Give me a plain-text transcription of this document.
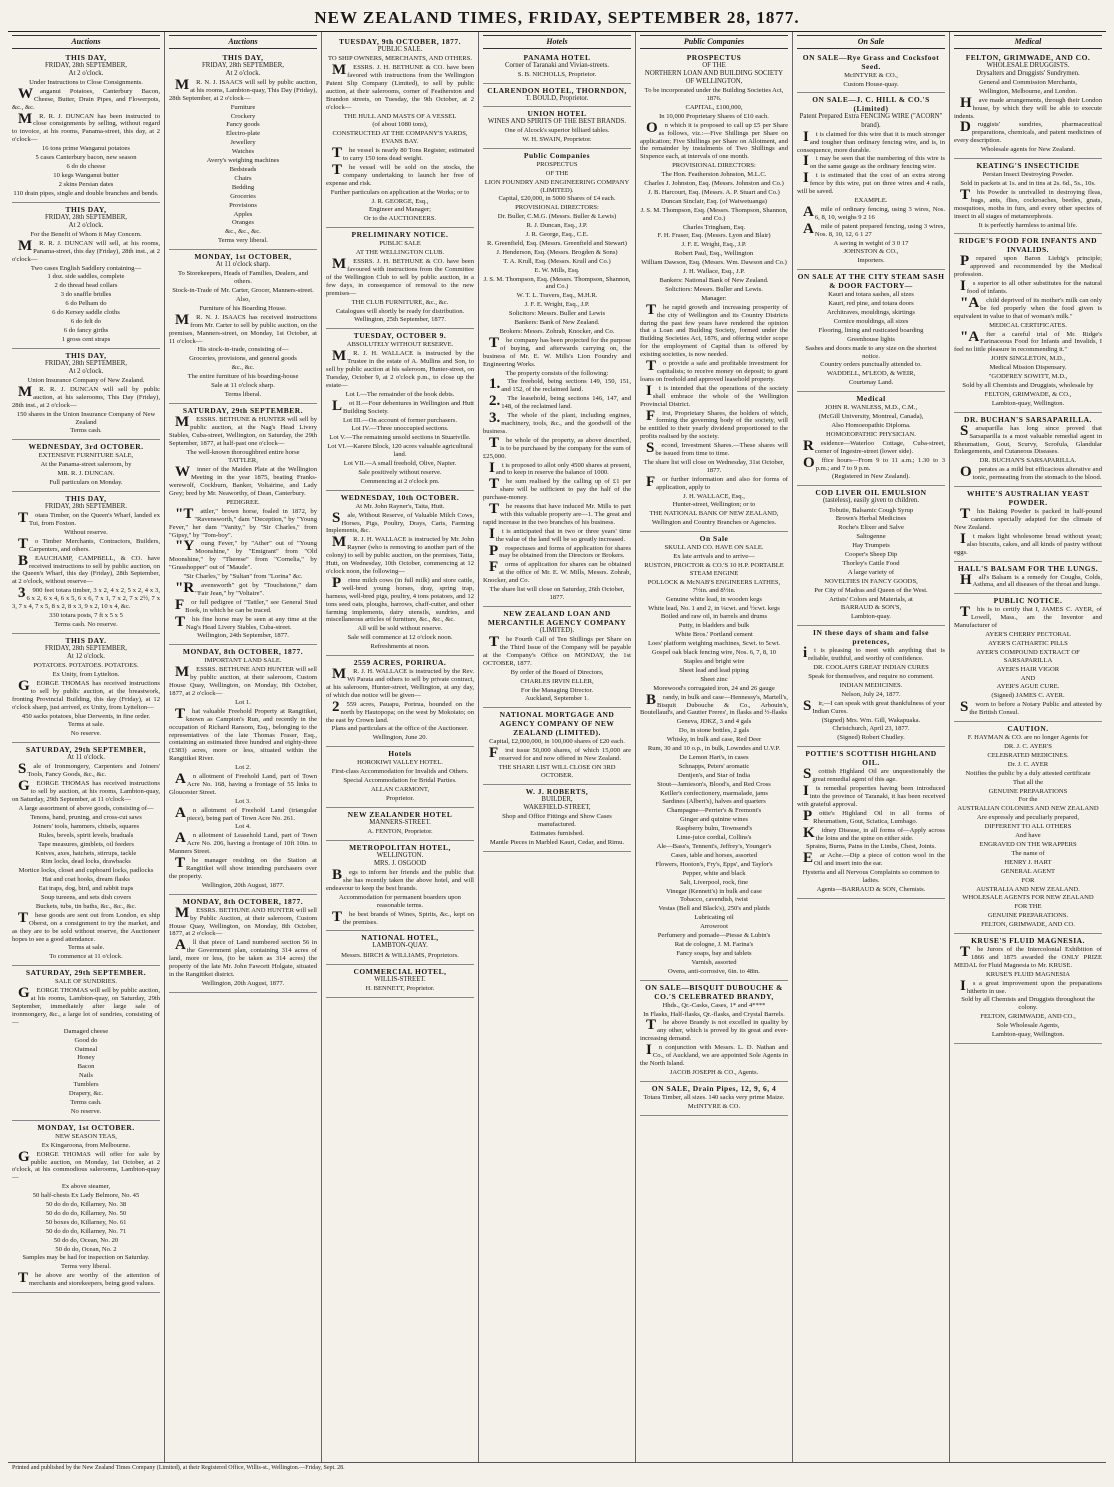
NEW ZEALAND TIMES, FRIDAY, SEPTEMBER 28, 1877.
Auctions
THIS DAY,
FRIDAY, 28th SEPTEMBER,
At 2 o'clock.

Under Instructions to Close Consignments.

Wanganui Potatoes, Canterbury Bacon, Cheese, Butter, Drain Pipes, and Flowerpots, &c., &c.

MR. R. J. DUNCAN has been instructed to close consignments by selling, without regard to invoice, at his rooms, Panama-street, this day, at 2 o'clock—

16 tons prime Wanganui potatoes

5 cases Canterbury bacon, new season

6 do do cheese

10 kegs Wanganui butter

2 skins Persian dates

110 drain pipes, single and double branches and bends.

THIS DAY,
FRIDAY, 28th SEPTEMBER,
At 2 o'clock.

For the Benefit of Whom it May Concern.

MR. R. J. DUNCAN will sell, at his rooms, Panama-street, this day (Friday), 28th inst., at 2 o'clock—

Two cases English Saddlery containing—

1 doz. side saddles, complete

2 do thread head collars

3 do snaffle bridles

6 do Pelham do

6 do Kersey saddle cloths

6 do felt do

6 do fancy girths

1 gross cent straps

THIS DAY,
FRIDAY, 28th SEPTEMBER,
At 2 o'clock.

Union Insurance Company of New Zealand.

MR. R. J. DUNCAN will sell by public auction, at his salerooms, This Day (Friday), 28th inst., at 2 o'clock—

150 shares in the Union Insurance Company of New Zealand

Terms cash.

WEDNESDAY, 3rd OCTOBER.

EXTENSIVE FURNITURE SALE,

At the Panama-street saleroom, by

MR. R. J. DUNCAN.

Full particulars on Monday.

THIS DAY,
FRIDAY, 28th SEPTEMBER.

Totara Timber, on the Queen's Wharf, landed ex Tui, from Foxton.

Without reserve.

To Timber Merchants, Contractors, Builders, Carpenters, and others.

BEAUCHAMP, CAMPBELL, & CO. have received instructions to sell by public auction, on the Queen's Wharf, this day (Friday), 28th September, at 2 o'clock, without reserve—

3900 feet totara timber, 3 x 2, 4 x 2, 5 x 2, 4 x 3, 6 x 2, 6 x 4, 6 x 5, 6 x 6, 7 x 1, 7 x 2, 7 x 2½, 7 x 3, 7 x 4, 7 x 5, 8 x 2, 8 x 3, 9 x 2, 10 x 4, &c.

330 totara posts, 7 ft x 5 x 5

Terms cash. No reserve.

THIS DAY.
FRIDAY, 28th SEPTEMBER,
At 12 o'clock.

POTATOES. POTATOES. POTATOES.

Ex Unity, from Lyttelton.

GEORGE THOMAS has received instructions to sell by public auction, at the breastwork, fronting Provincial Building, this day (Friday), at 12 o'clock sharp, just arrived, ex Unity, from Lyttelton—

450 sacks potatoes, blue Derwents, in fine order.

Terms at sale.

No reserve.

SATURDAY, 29th SEPTEMBER,
At 11 o'clock.

Sale of Ironmongery, Carpenters and Joiners' Tools, Fancy Goods, &c., &c.

GEORGE THOMAS has received instructions to sell by auction, at his rooms, Lambton-quay, on Saturday, 29th September, at 11 o'clock—

A large assortment of above goods, consisting of—

Tenons, hand, pruning, and cross-cut saws

Joiners' tools, hammers, chisels, squares

Rules, bevels, spirit levels, braduals

Tape measures, gimblets, oil feeders

Knives, axes, hatchets, stirrups, tackle

Rim locks, dead locks, drawbacks

Mortice locks, closet and cupboard locks, padlocks

Hat and coat hooks, dream flasks

Eat traps, dog, bird, and rabbit traps

Soup tureens, and sets dish covers

Buckets, tubs, tin baths, &c., &c., &c.

These goods are sent out from London, ex ship Oberst, on a consignment to try the market, and as they are to be sold without reserve, the Auctioneer hopes to see a good attendance.

Terms at sale.

To commence at 11 o'clock.

SATURDAY, 29th SEPTEMBER.

SALE OF SUNDRIES.

GEORGE THOMAS will sell by public auction, at his rooms, Lambton-quay, on Saturday, 29th September, immediately after large sale of ironmongery, &c., a large lot of sundries, consisting of—

Damaged cheese

Good do

Oatmeal

Honey

Bacon

Nails

Tumblers

Drapery, &c.

Terms cash.

No reserve.

MONDAY, 1st OCTOBER.

NEW SEASON TEAS,

Ex Kingaroona, from Melbourne.

GEORGE THOMAS will offer for sale by public auction, on Monday, 1st October, at 2 o'clock, at his commodious salerooms, Lambton-quay—

Ex above steamer,

50 half-chests Ex Lady Belmore, No. 45

50 do do do, Killarney, No. 38

50 do do do, Killarney, No. 50

50 boxes do, Killarney, No. 61

50 do do do, Killarney, No. 71

50 do do, Ocean, No. 20

50 do do, Ocean, No. 2

Samples may be had for inspection on Saturday.

Terms very liberal.

The above are worthy of the attention of merchants and storekeepers, being good values.

Auctions
THIS DAY,
FRIDAY, 28th SEPTEMBER,
At 2 o'clock.

MR. N. J. ISAACS will sell by public auction, at his rooms, Lambton-quay, This Day (Friday), 28th September, at 2 o'clock—

Furniture

Crockery

Fancy goods

Electro-plate

Jewellery

Watches

Avery's weighing machines

Bedsteads

Chairs

Bedding

Groceries

Provisions

Apples

Oranges

&c., &c., &c.

Terms very liberal.

MONDAY, 1st OCTOBER,
At 11 o'clock sharp.

To Storekeepers, Heads of Families, Dealers, and others.

Stock-in-Trade of Mr. Carter, Grocer, Manners-street.

Also,

Furniture of his Boarding House.

MR. N. J. ISAACS has received instructions from Mr. Carter to sell by public auction, on the premises, Manners-street, on Monday, 1st October, at 11 o'clock—

His stock-in-trade, consisting of—

Groceries, provisions, and general goods

&c., &c.

The entire furniture of his boarding-house

Sale at 11 o'clock sharp.

Terms liberal.

SATURDAY, 29th SEPTEMBER.

MESSRS. BETHUNE & HUNTER will sell by public auction, at the Nag's Head Livery Stables, Cuba-street, Wellington, on Saturday, the 29th September, 1877, at half-past one o'clock—

The well-known thoroughbred entire horse

TATTLER,

Winner of the Maiden Plate at the Wellington Meeting in the year 1875, beating Franks-werewolf, Cockburn, Banker, Voltairine, and Lady Grey; bred by Mr. Neaworthy, of Dean, Canterbury.

PEDIGREE.

"Tattler," brown horse, foaled in 1872, by "Ravensworth," dam "Deception," by "Young Fever," her dam "Vanity," by "Sir Charles," from "Gipsy," by "Tom-boy".

"Young Fever," by "Ather" out of "Young Moonshine," by "Emigrant" from "Old Moonshine," by "Therese" from "Cornelia," by "Grasshopper" out of "Maude".

"Sir Charles," by "Sultan" from "Lorina" &c.

"Ravensworth" got by "Touchstone," dam "Fair Jean," by "Voltaire".

For full pedigree of "Tattler," see General Stud Book, in which he can be traced.

This fine horse may be seen at any time at the Nag's Head Livery Stables, Cuba-street.

Wellington, 24th September, 1877.

MONDAY, 8th OCTOBER, 1877.

IMPORTANT LAND SALE.

MESSRS. BETHUNE AND HUNTER will sell by public auction, at their saleroom, Custom House Quay, Wellington, on Monday, 8th October, 1877, at 2 o'clock—

Lot 1.

That valuable Freehold Property at Rangitikei, known as Campion's Run, and recently in the occupation of Richard Ransom, Esq., belonging to the representatives of the late Thomas Fraser, Esq., containing an estimated three hundred and eighty-three (£383) acres, more or less, situated within the Rangitikei River.

Lot 2.

An allotment of Freehold Land, part of Town Acre No. 168, having a frontage of 55 links to Gloucester Street.

Lot 3.

An allotment of Freehold Land (triangular piece), being part of Town Acre No. 261.

Lot 4.

An allotment of Leasehold Land, part of Town Acre No. 206, having a frontage of 10ft 10in. to Manners Street.

The manager residing on the Station at Rangitikei will show intending purchasers over the property.

Wellington, 20th August, 1877.

MONDAY, 8th OCTOBER, 1877.

MESSRS. BETHUNE AND HUNTER will sell by Public Auction, at their saleroom, Custom House Quay, Wellington, on Monday, 8th October, 1877, at 2 o'clock—

All that piece of Land numbered section 56 in the Government plan, containing 314 acres of land, more or less, (to be taken as 314 acres) the property of the late Mr. John Fawcett Holgate, situated in the Rangitikei district.

Wellington, 20th August, 1877.

TUESDAY, 9th OCTOBER, 1877.
PUBLIC SALE.

TO SHIP OWNERS, MERCHANTS, AND OTHERS.

MESSRS. J. H. BETHUNE & CO. have been favored with instructions from the Wellington Patent Slip Company (Limited), to sell by public auction, at their salerooms, corner of Featherston and Brandon streets, on Tuesday, the 9th October, at 2 o'clock—

THE HULL AND MASTS OF A VESSEL

(of about 1080 tons),

CONSTRUCTED AT THE COMPANY'S YARDS, EVANS BAY.

The vessel is nearly 80 Tons Register, estimated to carry 150 tons dead weight.

The vessel will be sold on the stocks, the company undertaking to launch her free of expense and risk.

Further particulars on application at the Works; or to

J. R. GEORGE, Esq.,

Engineer and Manager;

Or to the AUCTIONEERS.

PRELIMINARY NOTICE.

PUBLIC SALE

AT THE WELLINGTON CLUB.

MESSRS. J. H. BETHUNE & CO. have been favoured with instructions from the Committee of the Wellington Club to sell by public auction, in a few days, in consequence of removal to the new premises—

THE CLUB FURNITURE, &c., &c.

Catalogues will shortly be ready for distribution.

Wellington, 25th September, 1877.

TUESDAY, OCTOBER 9.

ABSOLUTELY WITHOUT RESERVE.

MR. J. H. WALLACE is instructed by the Trustee in the estate of A. Mullins and Son, to sell by public auction at his saleroom, Hunter-street, on Tuesday, October 9, at 2 o'clock p.m., to close up the estate—

Lot I.—The remainder of the book debts.

Lot II.—Four debentures in Wellington and Hutt Building Society.

Lot III.—On account of former purchasers.

Lot IV.—Three unoccupied sections.

Lot V.—The remaining unsold sections in Stuartville.

Lot VI.—Karere Block, 120 acres valuable agricultural land.

Lot VII.—A small freehold, Olive, Napier.

Sale positively without reserve.

Commencing at 2 o'clock pm.

WEDNESDAY, 10th OCTOBER.

At Mr. John Rayner's, Taita, Hutt.

Sale, Without Reserve, of Valuable Milch Cows, Horses, Pigs, Poultry, Drays, Carts, Farming Implements, &c.

MR. J. H. WALLACE is instructed by Mr. John Rayner (who is removing to another part of the colony) to sell by public auction, on the premises, Taita, Hutt, on Wednesday, 10th October, commencing at 12 o'clock noon, the following—

Prime milch cows (in full milk) and store cattle, well-bred young horses, dray, spring trap, harness, well-bred pigs, poultry, 4 tons potatoes, and 12 tons seed oats, ploughs, harrows, chaff-cutter, and other farming implements, dairy utensils, sundries, and miscellaneous articles of furniture, &c., &c., &c.

All will be sold without reserve.

Sale will commence at 12 o'clock noon.

Refreshments at noon.

2559 ACRES, PORIRUA.

MR. J. H. WALLACE is instructed by the Rev. Wi Parata and others to sell by private contract, at his saleroom, Hunter-street, Wellington, at any day, of which due notice will be given—

2559 acres, Pauapu, Porirua, bounded on the north by Hautopopa; on the west by Mokoiato; on the east by Crown land.

Plans and particulars at the office of the Auctioneer.

Wellington, June 20.

Hotels

HOROKIWI VALLEY HOTEL.

First-class Accommodation for Invalids and Others.

Special Accommodation for Bridal Parties.

ALLAN CARMONT,

Proprietor.

NEW ZEALANDER HOTEL
MANNERS-STREET.

A. FENTON, Proprietor.

METROPOLITAN HOTEL,
WELLINGTON.
MRS. J. OSGOOD

Begs to inform her friends and the public that she has recently taken the above hotel, and will endeavour to keep the best brands.

Accommodation for permanent boarders upon reasonable terms.

The best brands of Wines, Spirits, &c., kept on the premises.

NATIONAL HOTEL,
LAMBTON-QUAY.

Messrs. BIRCH & WILLIAMS, Proprietors.

COMMERCIAL HOTEL,
WILLIS-STREET.

H. BENNETT, Proprietor.

Hotels
PANAMA HOTEL
Corner of Taranaki and Vivian-streets.

S. B. NICHOLLS, Proprietor.

CLARENDON HOTEL, THORNDON,
T. BOULD, Proprietor.
UNION HOTEL
WINES AND SPIRITS OF THE BEST BRANDS.

One of Alcock's superior billiard tables.

W. H. SWAIN, Proprietor.

Public Companies

PROSPECTUS

OF THE

LION FOUNDRY AND ENGINEERING COMPANY (LIMITED).

Capital, £20,000, in 5000 Shares of £4 each.

PROVISIONAL DIRECTORS:

Dr. Buller, C.M.G. (Messrs. Buller & Lewis)

R. J. Duncan, Esq., J.P.

J. R. George, Esq., C.E.

R. Greenfield, Esq. (Messrs. Greenfield and Stewart)

J. Henderson, Esq. (Messrs. Brogden & Sons)

T. A. Krull, Esq. (Messrs. Krull and Co.)

E. W. Mills, Esq.

J. S. M. Thompson, Esq. (Messrs. Thompson, Shannon, and Co.)

W. T. L. Travers, Esq., M.H.R.

J. F. E. Wright, Esq., J.P.

Solicitors: Messrs. Buller and Lewis

Bankers: Bank of New Zealand.

Brokers: Messrs. Zohrab, Knocker, and Co.

The company has been projected for the purpose of buying, and afterwards carrying on, the business of Mr. E. W. Mills's Lion Foundry and Engineering Works.

The property consists of the following:

1.The freehold, being sections 149, 150, 151, and 152, of the reclaimed land.

2.The leasehold, being sections 146, 147, and 148, of the reclaimed land.

3.The whole of the plant, including engines, machinery, tools, &c., and the goodwill of the business.

The whole of the property, as above described, is to be purchased by the company for the sum of £25,000.

It is proposed to allot only 4500 shares at present, and to keep in reserve the balance of 1000.

The sum realised by the calling up of £1 per share will be sufficient to pay the half of the purchase-money.

The reasons that have induced Mr. Mills to part with this valuable property are—1. The great and rapid increase in the two branches of his business.

It is anticipated that in two or three years' time the value of the land will be so greatly increased.

Prospectuses and forms of application for shares may be obtained from the Directors or Brokers.

Forms of application for shares can be obtained at the office of Mr. E. W. Mills, Messrs. Zohrab, Knocker, and Co.

The share list will close on Saturday, 26th October, 1877.

NEW ZEALAND LOAN AND MERCANTILE AGENCY COMPANY
(LIMITED).

The Fourth Call of Ten Shillings per Share on the Third Issue of the Company will be payable at the Company's Office on MONDAY, the 1st OCTOBER, 1877.

By order of the Board of Directors,

CHARLES IRVIN ELLER,

For the Managing Director.

Auckland, September 1.

NATIONAL MORTGAGE AND AGENCY COMPANY OF NEW ZEALAND (LIMITED).

Capital, £2,000,000, in 100,000 shares of £20 each.

First issue 50,000 shares, of which 15,000 are reserved for and now offered in New Zealand.

THE SHARE LIST WILL CLOSE ON 3RD OCTOBER.

W. J. ROBERTS,
BUILDER,
WAKEFIELD-STREET,

Shop and Office Fittings and Show Cases manufactured.

Estimates furnished.

Mantle Pieces in Marbled Kauri, Cedar, and Rimu.

Public Companies
PROSPECTUS
OF THE
NORTHERN LOAN AND BUILDING SOCIETY OF WELLINGTON,

To be incorporated under the Building Societies Act, 1876.

CAPITAL, £100,000,

In 10,000 Proprietary Shares of £10 each.

On which it is proposed to call up £5 per Share as follows, viz.:—Five Shillings per Share on application; Five Shillings per Share on Allotment, and the remainder by instalments of Two Shillings and Sixpence each, at intervals of one month.

PROVISIONAL DIRECTORS:

The Hon. Featherston Johnston, M.L.C.

Charles J. Johnston, Esq. (Messrs. Johnston and Co.)

J. B. Harcourt, Esq. (Messrs. A. P. Stuart and Co.)

Duncan Sinclair, Esq. (of Waiwetuanga)

J. S. M. Thompson, Esq. (Messrs. Thompson, Shannon, and Co.)

Charles Tringham, Esq.

F. H. Fraser, Esq. (Messrs. Lyon and Blair)

J. F. E. Wright, Esq., J.P.

Robert Paul, Esq., Wellington

William Dawson, Esq. (Messrs. Wm. Dawson and Co.)

J. H. Wallace, Esq., J.P.

Bankers: National Bank of New Zealand.

Solicitors: Messrs. Buller and Lewis.

Manager:

The rapid growth and increasing prosperity of the city of Wellington and its Country Districts during the past few years have rendered the opinion that a Loan and Building Society, formed under the Building Societies Act, 1876, and offering wider scope for the employment of Capital than is offered by existing societies, is now needed.

To provide a safe and profitable investment for capitalists; to receive money on deposit; to grant loans on freehold and approved leasehold property.

It is intended that the operations of the society shall embrace the whole of the Wellington Provincial District.

First, Proprietary Shares, the holders of which, forming the governing body of the society, will be entitled to their yearly dividend proportioned to the profits realised by the society.

Second, Investment Shares.—These shares will be issued from time to time.

The share list will close on Wednesday, 31st October, 1877.

For further information and also for forms of application, apply to

J. H. WALLACE, Esq.,

Hunter-street, Wellington; or to

THE NATIONAL BANK OF NEW ZEALAND,

Wellington and Country Branches or Agencies.

On Sale

SKULL AND CO. HAVE ON SALE.

Ex late arrivals and to arrive—

RUSTON, PROCTOR & CO.'S 10 H.P. PORTABLE STEAM ENGINE

POLLOCK & McNAB'S ENGINEERS LATHES, 7½in. and 8½in.

Genuine white lead, in wooden kegs

White lead, No. 1 and 2, in ¼cwt. and ½cwt. kegs

Boiled and raw oil, in barrels and drums

Putty, in bladders and bulk

White Bros.' Portland cement

Loes' platform weighing machines, Scwt. to 5cwt.

Gospel oak black fencing wire, Nos. 6, 7, 8, 10

Staples and bright wire

Sheet lead and lead piping

Sheet zinc

Morewood's corrugated iron, 24 and 26 gauge

Brandy, in bulk and case—Hennessy's, Martell's, Bisquit Dubouche & Co., Arbouin's, Boutellaud's, and Gautier Freres', in flasks and ½-flasks

Geneva, JDKZ, 3 and 4 gals

Do, in stone bottles, 2 gals

Whisky, in bulk and case, Red Deer

Rum, 30 and 10 o.p., in bulk, Lowndes and U.V.P.

De Lemon Hart's, in cases

Schnapps, Peters' aromatic

Dentjen's, and Star of India

Stout—Jamieson's, Blood's, and Red Cross

Keiller's confectionery, marmalade, jams

Sardines (Albert's), halves and quarters

Champagne—Perrier's & Fremont's

Ginger and quinine wines

Raspberry bulm, Townsend's

Lime-juice cordial, Collins's

Ale—Bass's, Tennent's, Jeffrey's, Younger's

Cases, table and horses, assorted

Flowers, Hooton's, Fry's, Epps', and Taylor's

Pepper, white and black

Salt, Liverpool, rock, fine

Vinegar (Kennett's) in bulk and case

Tobacco, cavendish, twist

Vestas (Bell and Black's), 250's and plaids

Lubricating oil

Arrowroot

Perfumery and pomade—Piesse & Lubin's

Rat de cologne, J. M. Farina's

Fancy soaps, bay and tablets

Varnish, assorted

Ovens, anti-corrosive, 6in. to 48in.

ON SALE—BISQUIT DUBOUCHE & CO.'S CELEBRATED BRANDY,

Hhds., Qr.-Casks, Cases, 1* and 4****

In Flasks, Half-flasks, Qr.-flasks, and Crystal Barrels.

The above Brandy is not excelled in quality by any other, which is proved by its great and ever-increasing demand.

In conjunction with Messrs. L. D. Nathan and Co., of Auckland, we are appointed Sole Agents in the North Island.

JACOB JOSEPH & CO., Agents.

ON SALE, Drain Pipes, 12, 9, 6, 4

Totara Timber, all sizes. 140 sacks very prime Maize.

McINTYRE & CO.

On Sale
ON SALE—Rye Grass and Cocksfoot Seed.

McINTYRE & CO.,

Custom House-quay.

ON SALE—J. C. HILL & CO.'S (Limited)
Patent Prepared Extra FENCING WIRE ("ACORN" brand).

It is claimed for this wire that it is much stronger and tougher than ordinary fencing wire, and is, in consequence, more durable.

It may be seen that the numbering of this wire is on the same gauge as the ordinary fencing wire.

It is estimated that the cost of an extra strong fence by this wire, put on three wires and 4 rails, will be saved.

EXAMPLE.

Amile of ordinary fencing, using 3 wires, Nos. 6, 8, 10, weighs 9 2 16

Amile of patent prepared fencing, using 3 wires, Nos. 8, 10, 12, 6 1 27

A saving in weight of 3 0 17

JOHNSTON & CO.,

Importers.

ON SALE AT THE CITY STEAM SASH & DOOR FACTORY—

Kauri and totara sashes, all sizes

Kauri, red pine, and totara doors

Architraves, mouldings, skirtings

Cornice mouldings, all sizes

Flooring, lining and rusticated boarding

Greenhouse lights

Sashes and doors made to any size on the shortest notice.

Country orders punctually attended to.

WADDELL, M'LEOD, & WEIR,

Courtenay Land.

Medical

JOHN R. WANLESS, M.D., C.M.,

(McGill University, Montreal, Canada),

Also Homoeopathic Diploma.

HOMOEOPATHIC PHYSICIAN.

Residence—Waterloo Cottage, Cuba-street, corner of Ingestre-street (lower side).

Office hours—From 9 to 11 a.m.; 1.30 to 3 p.m.; and 7 to 9 p.m.

(Registered in New Zealand).

COD LIVER OIL EMULSION
(tasteless), easily given to children.

Tobutie, Balsamic Cough Syrup

Brown's Herbal Medicines

Roche's Elixer and Salve

Saltogenne

Hay Trumpets

Cooper's Sheep Dip

Thorley's Cattle Food

A large variety of

NOVELTIES IN FANCY GOODS,

Per City of Madras and Queen of the West.

Artists' Colors and Materials, at

BARRAUD & SON'S,

Lambton-quay.

IN these days of sham and false pretences,

it is pleasing to meet with anything that is reliable, truthful, and worthy of confidence.

DR. COOLAH'S GREAT INDIAN CURES

Speak for themselves, and require no comment.

INDIAN MEDICINES.

Nelson, July 24, 1877.

Sir,—I can speak with great thankfulness of your Indian Cures.

(Signed) Mrs. Wm. Gill, Wakapuaka.

Christchurch, April 23, 1877.

(Signed) Robert Chudley.

POTTIE'S SCOTTISH HIGHLAND OIL.

Scottish Highland Oil are unquestionably the great remedial agent of this age.

Its remedial properties having been introduced into the province of Taranaki, it has been received with grateful approval.

Pottie's Highland Oil in all forms of Rheumatism, Gout, Sciatica, Lumbago.

Kidney Disease, in all forms of—Apply across the loins and the spine on either side.

Sprains, Burns, Pains in the Limbs, Chest, Joints.

Ear Ache.—Dip a piece of cotton wool in the Oil and insert into the ear.

Hysteria and all Nervous Complaints so common to ladies.

Agents—BARRAUD & SON, Chemists.

Medical
FELTON, GRIMWADE, AND CO.
WHOLESALE DRUGGISTS.
Drysalters and Druggists' Sundrymen.

General and Commission Merchants,

Wellington, Melbourne, and London.

Have made arrangements, through their London house, by which they will be able to execute indents.

Druggists' sundries, pharmaceutical preparations, chemicals, and patent medicines of every description.

Wholesale agents for New Zealand.

KEATING'S INSECTICIDE

Persian Insect Destroying Powder.

Sold in packets at 1s. and in tins at 2s. 6d., 5s., 10s.

This Powder is unrivalled in destroying fleas, bugs, ants, flies, cockroaches, beetles, gnats, mosquitoes, moths in furs, and every other species of insect in all stages of metamorphosis.

It is perfectly harmless to animal life.

RIDGE'S FOOD FOR INFANTS AND INVALIDS.

Prepared upon Baron Liebig's principle; approved and recommended by the Medical profession.

Is superior to all other substitutes for the natural food of infants.

"Achild deprived of its mother's milk can only be fed properly when the food given is equivalent in value to that of woman's milk."

MEDICAL CERTIFICATES.

"After a careful trial of Mr. Ridge's Farinaceous Food for Infants and Invalids, I feel no little pleasure in recommending it."

JOHN SINGLETON, M.D.,

Medical Mission Dispensary.

"GODFREY SOWITT, M.D.,

Sold by all Chemists and Druggists, wholesale by

FELTON, GRIMWADE, & CO.,

Lambton-quay, Wellington.

DR. BUCHAN'S SARSAPARILLA.

Sarsaparilla has long since proved that Sarsaparilla is a most valuable remedial agent in Rheumatism, Gout, Scurvy, Scrofula, Glandular Enlargements, and Cutaneous Diseases.

DR. BUCHAN'S SARSAPARILLA.

Operates as a mild but efficacious alterative and tonic, permeating from the stomach to the blood.

WHITE'S AUSTRALIAN YEAST POWDER.

This Baking Powder is packed in half-pound canisters specially adapted for the climate of New Zealand.

It makes light wholesome bread without yeast; also biscuits, cakes, and all kinds of pastry without eggs.

HALL'S BALSAM FOR THE LUNGS.

Hall's Balsam is a remedy for Coughs, Colds, Asthma, and all diseases of the throat and lungs.

PUBLIC NOTICE.

This is to certify that I, JAMES C. AYER, of Lowell, Mass., am the Inventor and Manufacturer of

AYER'S CHERRY PECTORAL

AYER'S CATHARTIC PILLS

AYER'S COMPOUND EXTRACT OF SARSAPARILLA

AYER'S HAIR VIGOR

AND

AYER'S AGUE CURE.

(Signed) JAMES C. AYER.

Sworn to before a Notary Public and attested by the British Consul.

CAUTION.

F. HAYMAN & CO. are no longer Agents for

DR. J. C. AYER'S

CELEBRATED MEDICINES.

Dr. J. C. AYER

Notifies the public by a duly attested certificate

That all the

GENUINE PREPARATIONS

For the

AUSTRALIAN COLONIES AND NEW ZEALAND

Are expressly and peculiarly prepared,

DIFFERENT TO ALL OTHERS

And have

ENGRAVED ON THE WRAPPERS

The name of

HENRY J. HART

GENERAL AGENT

FOR

AUSTRALIA AND NEW ZEALAND.

WHOLESALE AGENTS FOR NEW ZEALAND

FOR THE

GENUINE PREPARATIONS.

FELTON, GRIMWADE, AND CO.

KRUSE'S FLUID MAGNESIA.

The Jurors of the Intercolonial Exhibition of 1866 and 1875 awarded the ONLY PRIZE MEDAL for Fluid Magnesia to Mr. KRUSE.

KRUSE'S FLUID MAGNESIA

Is a great improvement upon the preparations hitherto in use.

Sold by all Chemists and Druggists throughout the colony.

FELTON, GRIMWADE, AND CO.,

Sole Wholesale Agents,

Lambton-quay, Wellington.

Printed and published by the New Zealand Times Company (Limited), at their Registered Office, Willis-st., Wellington.—Friday, Sept. 28.
